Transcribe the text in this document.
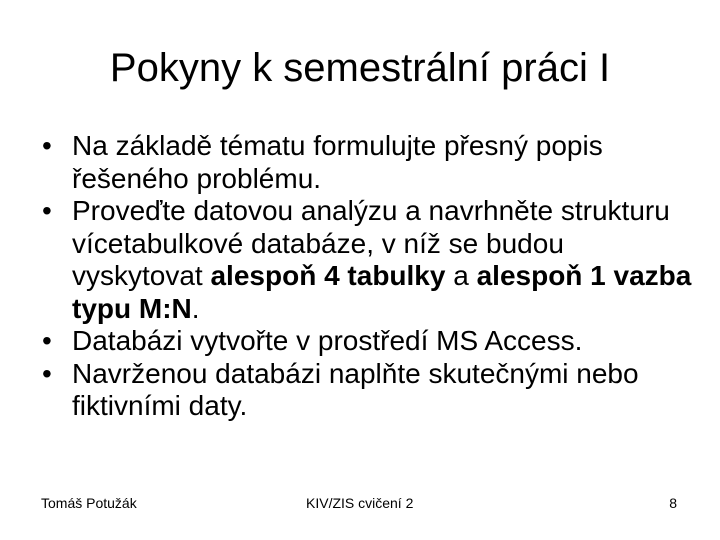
Pokyny k semestrální práci I
• Na základě tématu formulujte přesný popis řešeného problému.
• Proveďte datovou analýzu a navrhněte strukturu vícetabulkové databáze, v níž se budou vyskytovat alespoň 4 tabulky a alespoň 1 vazba typu M:N.
• Databázi vytvořte v prostředí MS Access.
• Navrženou databázi naplňte skutečnými nebo fiktivními daty.
Tomáš Potužák	KIV/ZIS cvičení 2	8
